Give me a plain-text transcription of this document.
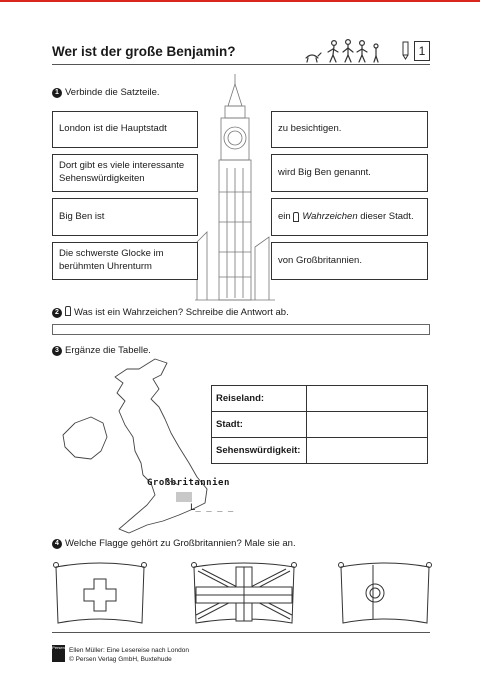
Wer ist der große Benjamin?	1
1 Verbinde die Satzteile.
London ist die Hauptstadt
Dort gibt es viele interessante Sehenswürdigkeiten
Big Ben ist
Die schwerste Glocke im berühmten Uhrenturm
zu besichtigen.
wird Big Ben genannt.
ein
Wahrzeichen
dieser Stadt.
von Großbritannien.
2 Was ist ein Wahrzeichen? Schreibe die Antwort ab.
3 Ergänze die Tabelle.
Großbritannien
L_ _ _ _
Reiseland:	
Stadt:	
Sehenswürdigkeit:	
4 Welche Flagge gehört zu Großbritannien? Male sie an.
Persen Ellen Müller: Eine Lesereise nach London
© Persen Verlag GmbH, Buxtehude
